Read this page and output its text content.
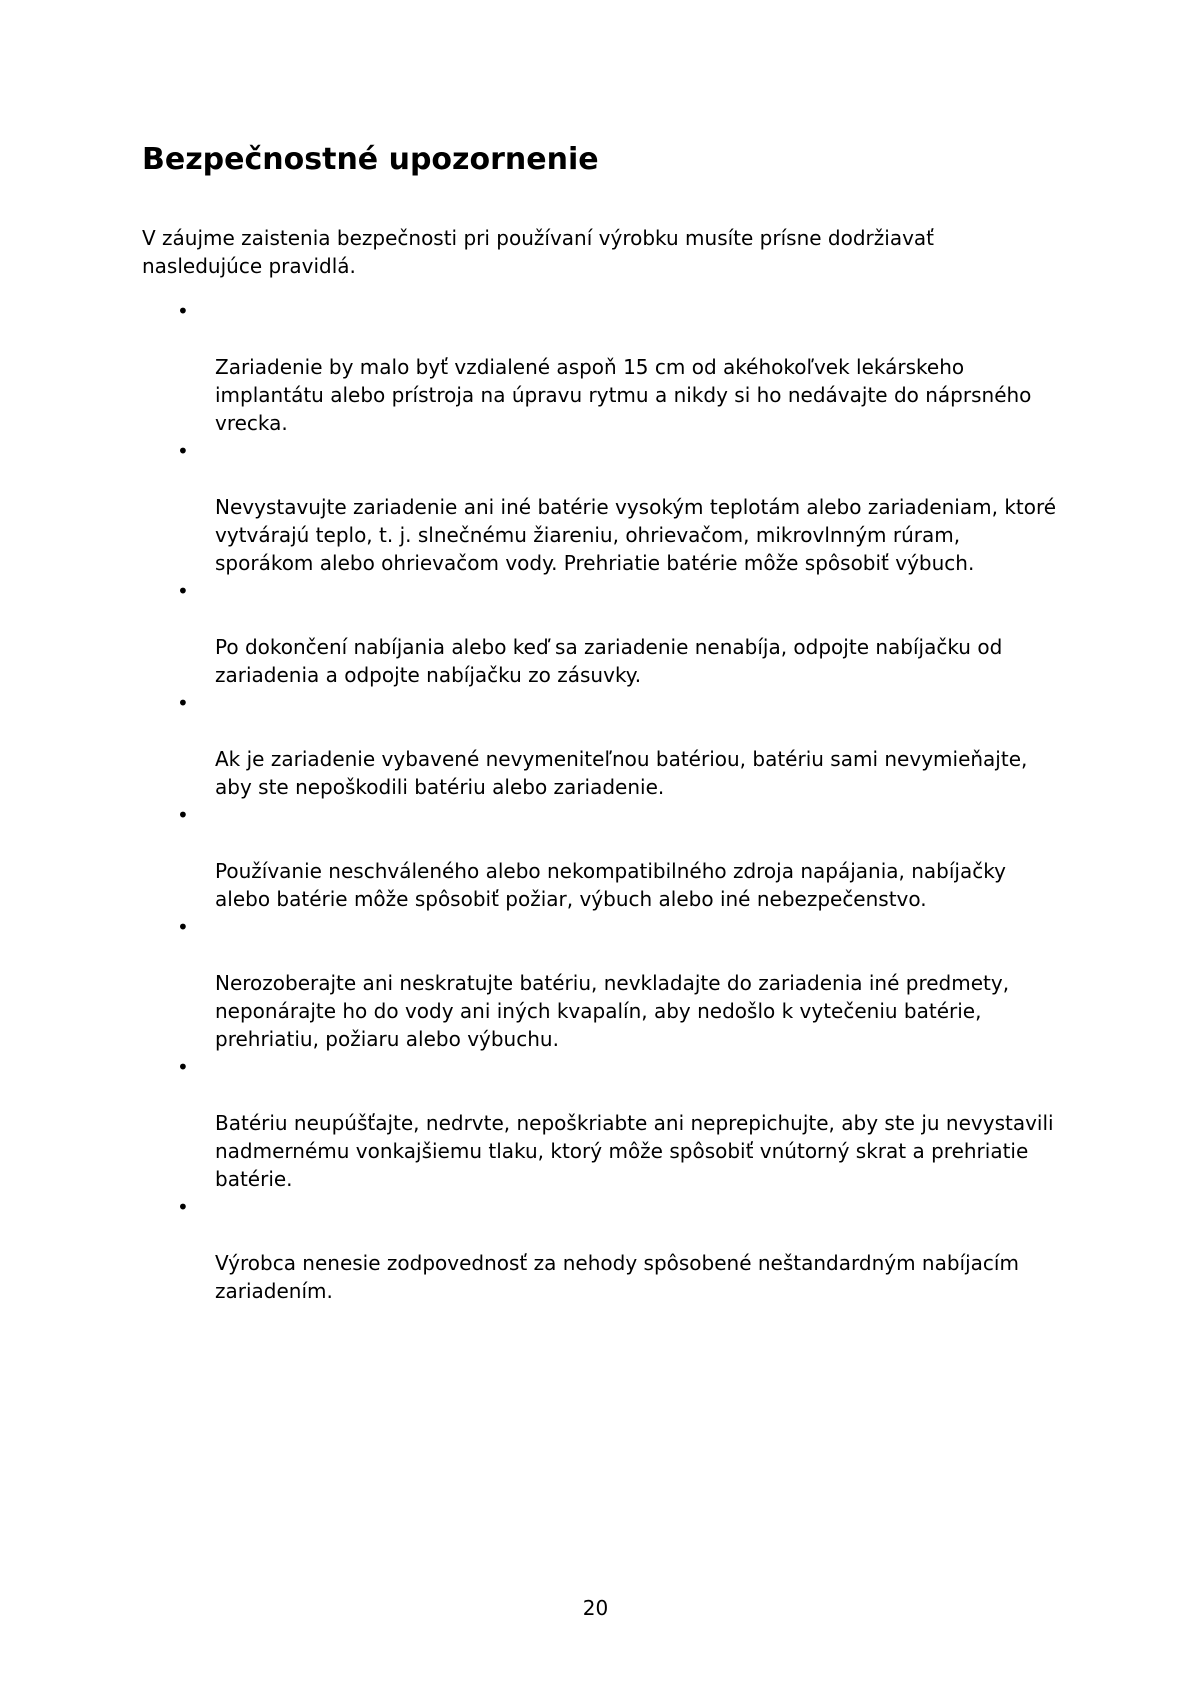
Bezpečnostné upozornenie

V záujme zaistenia bezpečnosti pri používaní výrobku musíte prísne dodržiavať
nasledujúce pravidlá.

•

Zariadenie by malo byť vzdialené aspoň 15 cm od akéhokoľvek lekárskeho
implantátu alebo prístroja na úpravu rytmu a nikdy si ho nedávajte do náprsného
vrecka.

•

Nevystavujte zariadenie ani iné batérie vysokým teplotám alebo zariadeniam, ktoré
vytvárajú teplo, t. j. slnečnému žiareniu, ohrievačom, mikrovlnným rúram,
sporákom alebo ohrievačom vody. Prehriatie batérie môže spôsobiť výbuch.

•

Po dokončení nabíjania alebo keď sa zariadenie nenabíja, odpojte nabíjačku od
zariadenia a odpojte nabíjačku zo zásuvky.

•

Ak je zariadenie vybavené nevymeniteľnou batériou, batériu sami nevymieňajte,
aby ste nepoškodili batériu alebo zariadenie.

•

Používanie neschváleného alebo nekompatibilného zdroja napájania, nabíjačky
alebo batérie môže spôsobiť požiar, výbuch alebo iné nebezpečenstvo.

•

Nerozoberajte ani neskratujte batériu, nevkladajte do zariadenia iné predmety,
neponárajte ho do vody ani iných kvapalín, aby nedošlo k vytečeniu batérie,
prehriatiu, požiaru alebo výbuchu.

•

Batériu neupúšťajte, nedrvte, nepoškriabte ani neprepichujte, aby ste ju nevystavili
nadmernému vonkajšiemu tlaku, ktorý môže spôsobiť vnútorný skrat a prehriatie
batérie.

•

Výrobca nenesie zodpovednosť za nehody spôsobené neštandardným nabíjacím
zariadením.

20
